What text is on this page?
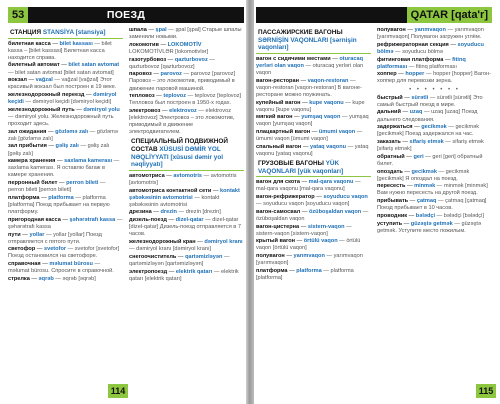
ПОЕЗД
53
СТАНЦИЯ STANSİYA [stansiya]

билетная касса — bilet kassası — bilet kassa – [bilet kassasi] Билетная касса находится справа.

билетный автомат — bilet satan avtomat — bilet satan avtomat [bilet satan avtomat]

вокзал — vağzal — vağzal [vağzal] Этот красивый вокзал был построен в 19 веке.

железнодорожный переезд — dəmiryol keçidi — dəmiryol keçidi [dəmiryol keçidi]

железнодорожный путь — dəmiryol yolu — dəmiryol yolu. Железнодорожный путь проходит здесь.

зал ожидания — gözləmə zalı — gözləmə zalı [gözləmə zalı]

зал прибытия — gəliş zalı — gəliş zalı [gəliş zalı]

камера хранения — saxlama kamerası — saxlama kamerası. Я оставлю багаж в камере хранения.

перронный билет — perron bileti — perron bileti [perron bileti]

платформа — platforma — platforma [platforma] Поезд прибывает на первую платформу.

пригородная касса — şəhərətrafı kassa — şəhərətrafı kassa

пути — yollar — yollar [yollar] Поезд отправляется с пятого пути.

светофор — svetofor — svetofor [svetofor] Поезд остановился на светофоре.

справочная — məlumat bürosu — məlumat bürosu. Спросите в справочной.

стрелка — əqrəb — əqrəb [əqrəb]

шпала — şpal — şpal [şpal] Старые шпалы заменили новыми.

локомотив — LOKOMOTİV LOKOMOTİVLƏR [lokomotivlər]

газотурбовоз — qazturbovoz — qazturbovoz [qazturbovoz]

паровоз — parovoz — parovoz [parovoz] Паровоз – это локомотив, приводимый в движение паровой машиной.

тепловоз — teplovoz — teplovoz [teplovoz] Тепловоз был построен в 1950-х годах.

электровоз — elektrovoz — elektrovoz [elektrovoz] Электровоз – это локомотив, приводимый в движение электродвигателем.

СПЕЦИАЛЬНЫЙ ПОДВИЖНОЙ СОСТАВ XÜSUSİ DƏMİR YOL NƏQLİYYATI [xüsusi dəmir yol nəqliyyatı]

автомотриса — avtomotris — avtomotris [avtomotris]

автомотриса контактной сети — kontakt şəbəkəsinin avtomotrisi — kontakt şəbəkəsinin avtomotrisi

дрезина — drezin — drezin [drezin]

дизель-поезд — dizel-qatar — dizel-qatar [dizel-qatar] Дизель-поезд отправляется в 7 часов.

железнодорожный кран — dəmiryol kranı — dəmiryol kranı [dəmiryol kranı]

снегоочиститель — qartəmizləyən — qartəmizləyən [qartəmizləyən]

электропоезд — elektrik qatarı — elektrik qatarı [elektrik qatarı]

114
QATAR [qata'r]
ПАССАЖИРСКИЕ ВАГОНЫ SƏRNİŞİN VAQONLARI [sərnişin vaqonları]

вагон с сидячими местами — oturacaq yerləri olan vaqon — oturacaq yerləri olan vaqon

вагон-ресторан — vaqon-restoran — vaqon-restoran [vaqon-restoran] В вагоне-ресторане можно поужинать.

купейный вагон — kupe vaqonu — kupe vaqonu [kupe vaqonu]

мягкий вагон — yumşaq vaqon — yumşaq vaqon [yumşaq vaqon]

плацкартный вагон — ümumi vaqon — ümumi vaqon [ümumi vaqon]

спальный вагон — yataq vaqonu — yataq vaqonu [yataq vaqonu]

ГРУЗОВЫЕ ВАГОНЫ YÜK VAQONLARI [yük vaqonları]

вагон для скота — mal-qara vaqonu — mal-qara vaqonu [mal-qara vaqonu]

вагон-рефрижератор — soyuducu vaqon — soyuducu vaqon [soyuducu vaqon]

вагон-самосвал — özüboşaldan vaqon — özüboşaldan vaqon

вагон-цистерна — sistern-vaqon — sistern-vaqon [sistern-vaqon]

крытый вагон — örtülü vaqon — örtülü vaqon [örtülü vaqon]

полувагон — yarımvaqon — yarımvaqon [yarımvaqon]

платформа — platforma — platforma [platforma]

полувагон — yarımvaqon — yarımvaqon [yarımvaqon] Полувагон загружен углём.

рефрижераторная секция — soyuducu bölmə — soyuducu bölmə

фитинговая платформа — fitinq platforması — fitinq platforması

хоппер — hopper — hopper [hopper] Вагон-хоппер для перевозки зерна.

• • • • • • •

быстрый — sürətli — sürətli [sürətli] Это самый быстрый поезд в мире.

дальний — uzaq — uzaq [uzaq] Поезд дальнего следования.

задержаться — gecikmək — gecikmək [gecikmək] Поезд задержался на час.

заказать — sifariş etmək — sifariş etmək [sifariş etmək]

обратный — geri — geri [geri] обратный билет.

опоздать — gecikmək — gecikmək [gecikmək] Я опоздал на поезд.

пересесть — minmək — minmək [minmək] Вам нужно пересесть на другой поезд.

прибывать — çatmaq — çatmaq [çatmaq] Поезд прибывает в 10 часов.

проводник — bələdçi — bələdçi [bələdçi]

уступить — güzəştə getmək — güzəştə getmək. Уступите место пожилым.

115
